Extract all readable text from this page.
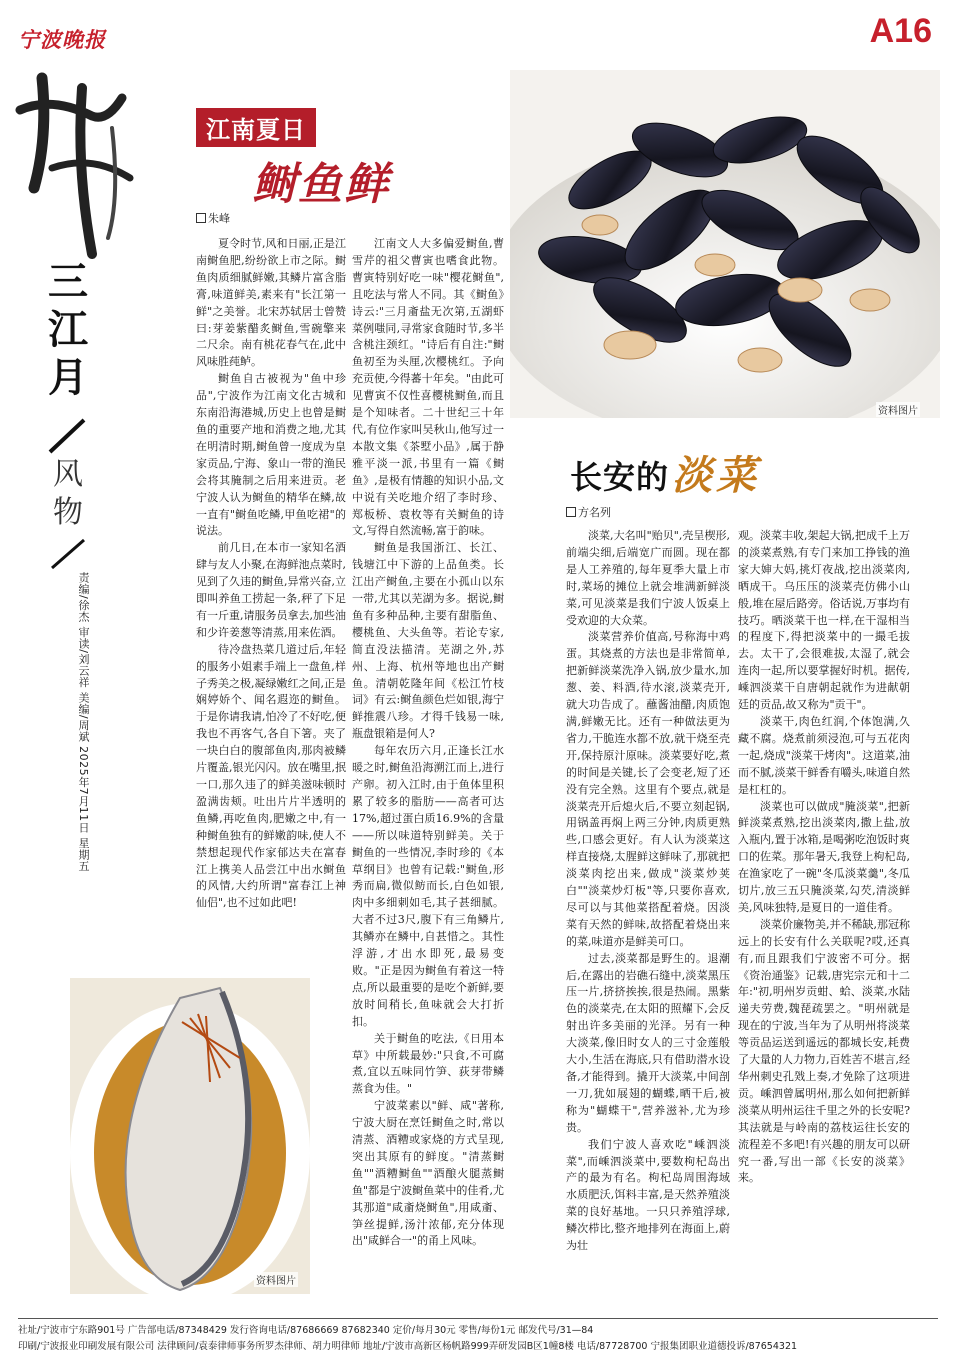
宁波晚报	A16
三江月
风物
责编/徐杰 审读/刘云祥 美编/周斌 2025年7月11日 星期五
江南夏日
鲥鱼鲜
朱峰
资料图片

夏令时节,风和日丽,正是江南鲥鱼肥,纷纷欲上市之际。鲥鱼肉质细腻鲜嫩,其鳞片富含脂膏,味道鲜美,素来有"长江第一鲜"之美誉。北宋苏轼居士曾赞曰:芽姜紫醋炙鲥鱼,雪碗擎来二尺余。南有桃花春气在,此中风味胜莼鲈。

鲥鱼自古被视为"鱼中珍品",宁波作为江南文化古城和东南沿海港城,历史上也曾是鲥鱼的重要产地和消费之地,尤其在明清时期,鲥鱼曾一度成为皇家贡品,宁海、象山一带的渔民会将其腌制之后用来进贡。老宁波人认为鲥鱼的精华在鳞,故一直有"鲥鱼吃鳞,甲鱼吃裙"的说法。

前几日,在本市一家知名酒肆与友人小聚,在海鲜池点菜时,见到了久违的鲥鱼,异常兴奋,立即叫养鱼工捞起一条,秤了下足有一斤重,请服务员拿去,加些油和少许姜葱等清蒸,用来佐酒。

待冷盘热菜几道过后,年轻的服务小姐素手端上一盘鱼,样子秀美之极,凝绿嫩红之间,正是娴婷娇个、闻名遐迩的鲥鱼。于是你请我请,怕冷了不好吃,便我也不再客气,各自下箸。夹了一块白白的腹部鱼肉,那肉被鳞片覆盖,银光闪闪。放在嘴里,抿一口,那久违了的鲜美滋味顿时盈满齿颊。吐出片片半透明的鱼鳞,再吃鱼肉,肥嫩之中,有一种鲥鱼独有的鲜嫩韵味,使人不禁想起现代作家郁达夫在富春江上携美人品尝江中出水鲥鱼的风情,大约所谓"富春江上神仙侣",也不过如此吧!

江南文人大多偏爱鲥鱼,曹雪芹的祖父曹寅也嗜食此物。曹寅特别好吃一味"樱花鲥鱼",且吃法与常人不同。其《鲥鱼》诗云:"三月齑盐无次第,五湖虾菜例嗤同,寻常家食随时节,多半含桃注颈红。"诗后有自注:"鲥鱼初至为头厘,次樱桃红。予向充贡使,今得蕃十年矣。"由此可见曹寅不仅性喜樱桃鲥鱼,而且是个知味者。二十世纪三十年代,有位作家叫吴秋山,他写过一本散文集《茶墅小品》,属于静雅平淡一派,书里有一篇《鲥鱼》,是极有情趣的知识小品,文中说有关吃地介绍了李时珍、郑板桥、袁枚等有关鲥鱼的诗文,写得自然流畅,富于韵味。

鲥鱼是我国浙江、长江、钱塘江中下游的上品鱼类。长江出产鲥鱼,主要在小孤山以东一带,尤其以芜湖为多。据说,鲥鱼有多种品种,主要有甜脂鱼、樱桃鱼、大头鱼等。若论专家,简直没法描清。芜湖之外,苏州、上海、杭州等地也出产鲥鱼。清朝乾隆年间《松江竹枝词》有云:鲥鱼颜色烂如银,海宁鲜推震八珍。才得千钱易一味,瓶盘银箱是何人?

每年农历六月,正逢长江水暖之时,鲥鱼沿海溯江而上,进行产卵。初入江时,由于鱼体里积累了较多的脂肪——高者可达17%,超过蛋白质16.9%的含量——所以味道特别鲜美。关于鲥鱼的一些情况,李时珍的《本草纲目》也曾有记载:"鲥鱼,形秀而扁,微似鲂而长,白色如银,肉中多细刺如毛,其子甚细腻。大者不过3尺,腹下有三角鳞片,其鳞亦在鳞中,自甚惜之。其性浮游,才出水即死,最易变败。"正是因为鲥鱼有着这一特点,所以最重要的是吃个新鲜,要放时间稍长,鱼味就会大打折扣。

关于鲥鱼的吃法,《日用本草》中所载最妙:"只食,不可腐煮,宜以五味同竹笋、荻芽带鳞蒸食为佳。"

宁波菜素以"鲜、咸"著称,宁波大厨在烹饪鲥鱼之时,常以清蒸、酒糟或家烧的方式呈现,突出其原有的鲜度。"清蒸鲥鱼""酒糟鲥鱼""酒酿火腿蒸鲥鱼"都是宁波鲥鱼菜中的佳肴,尤其那道"咸齑烧鲥鱼",用咸齑、笋丝提鲜,汤汁浓郁,充分体现出"咸鲜合一"的甬上风味。

资料图片
长安的 淡菜
方名列

淡菜,大名叫"贻贝",壳呈楔形,前端尖细,后端宽广而圆。现在都是人工养殖的,每年夏季大量上市时,菜场的摊位上就会堆满新鲜淡菜,可见淡菜是我们宁波人饭桌上受欢迎的大众菜。

淡菜营养价值高,号称海中鸡蛋。其烧煮的方法也是非常简单,把新鲜淡菜洗净入锅,放少量水,加葱、姜、料酒,待水滚,淡菜壳开,就大功告成了。蘸酱油醋,肉质饱满,鲜嫩无比。还有一种做法更为省力,干脆连水都不放,就干烧至壳开,保持原汁原味。淡菜要好吃,煮的时间是关键,长了会变老,短了还没有完全熟。这里有个要点,就是淡菜壳开后熄火后,不要立刻起锅,用锅盖再焖上两三分钟,肉质更熟些,口感会更好。有人认为淡菜这样直接烧,太腥鲜这鲜味了,那就把淡菜肉挖出来,做成"淡菜炒荚白""淡菜炒灯板"等,只要你喜欢,尽可以与其他菜搭配着烧。因淡菜有天然的鲜味,故搭配着烧出来的菜,味道亦是鲜美可口。

过去,淡菜都是野生的。退潮后,在露出的岩礁石缝中,淡菜黑压压一片,挤挤挨挨,很是热闹。黑紫色的淡菜壳,在太阳的照耀下,会反射出许多美丽的光泽。另有一种大淡菜,像旧时女人的三寸金莲般大小,生活在海底,只有借助潜水设备,才能得到。撬开大淡菜,中间剖一刀,犹如展翅的蝴蝶,晒干后,被称为"蝴蝶干",营养滋补,尤为珍贵。

我们宁波人喜欢吃"嵊泗淡菜",而嵊泗淡菜中,要数枸杞岛出产的最为有名。枸杞岛周围海域水质肥沃,饵料丰富,是天然养殖淡菜的良好基地。一只只养殖浮球,鳞次栉比,整齐地排列在海面上,蔚为壮

观。淡菜丰收,架起大锅,把成千上万的淡菜煮熟,有专门来加工挣钱的渔家大婶大妈,挑灯夜战,挖出淡菜肉,晒成干。乌压压的淡菜壳仿佛小山般,堆在屋后路旁。俗话说,万事均有技巧。晒淡菜干也一样,在干湿相当的程度下,得把淡菜中的一撮毛拔去。太干了,会很难拔,太湿了,就会连肉一起,所以要掌握好时机。据传,嵊泗淡菜干自唐朝起就作为进献朝廷的贡品,故又称为"贡干"。

淡菜干,肉色红润,个体饱满,久藏不腐。烧煮前须浸泡,可与五花肉一起,烧成"淡菜干烤肉"。这道菜,油而不腻,淡菜干鲜香有嚼头,味道自然是杠杠的。

淡菜也可以做成"腌淡菜",把新鲜淡菜煮熟,挖出淡菜肉,撒上盐,放入瓶内,置于冰箱,是喝粥吃泡饭时爽口的佐菜。那年暑天,我登上枸杞岛,在渔家吃了一碗"冬瓜淡菜羹",冬瓜切片,放三五只腌淡菜,勾芡,清淡鲜美,风味独特,是夏日的一道佳肴。

淡菜价廉物美,并不稀缺,那冠称远上的长安有什么关联呢?哎,还真有,而且跟我们宁波密不可分。据《资治通鉴》记载,唐宪宗元和十二年:"初,明州岁贡蚶、蛤、淡菜,水陆递夫劳费,魏琵疏罢之。"明州就是现在的宁波,当年为了从明州将淡菜等贡品运送到遥远的都城长安,耗费了大量的人力物力,百姓苦不堪言,经华州刺史孔戣上奏,才免除了这项进贡。嵊泗曾属明州,那么如何把新鲜淡菜从明州运往千里之外的长安呢?其法就是与岭南的荔枝运往长安的流程差不多吧!有兴趣的朋友可以研究一番,写出一部《长安的淡菜》来。

社址/宁波市宁东路901号 广告部电话/87348429 发行咨询电话/87686669 87682340 定价/每月30元 零售/每份1元 邮发代号/31—84
印刷/宁波报业印刷发展有限公司 法律顾问/袁泰律师事务所罗杰律师、胡力明律师 地址/宁波市高新区杨帆路999弄研发园B区1幢8楼 电话/87728700 宁报集团职业道德投诉/87654321
